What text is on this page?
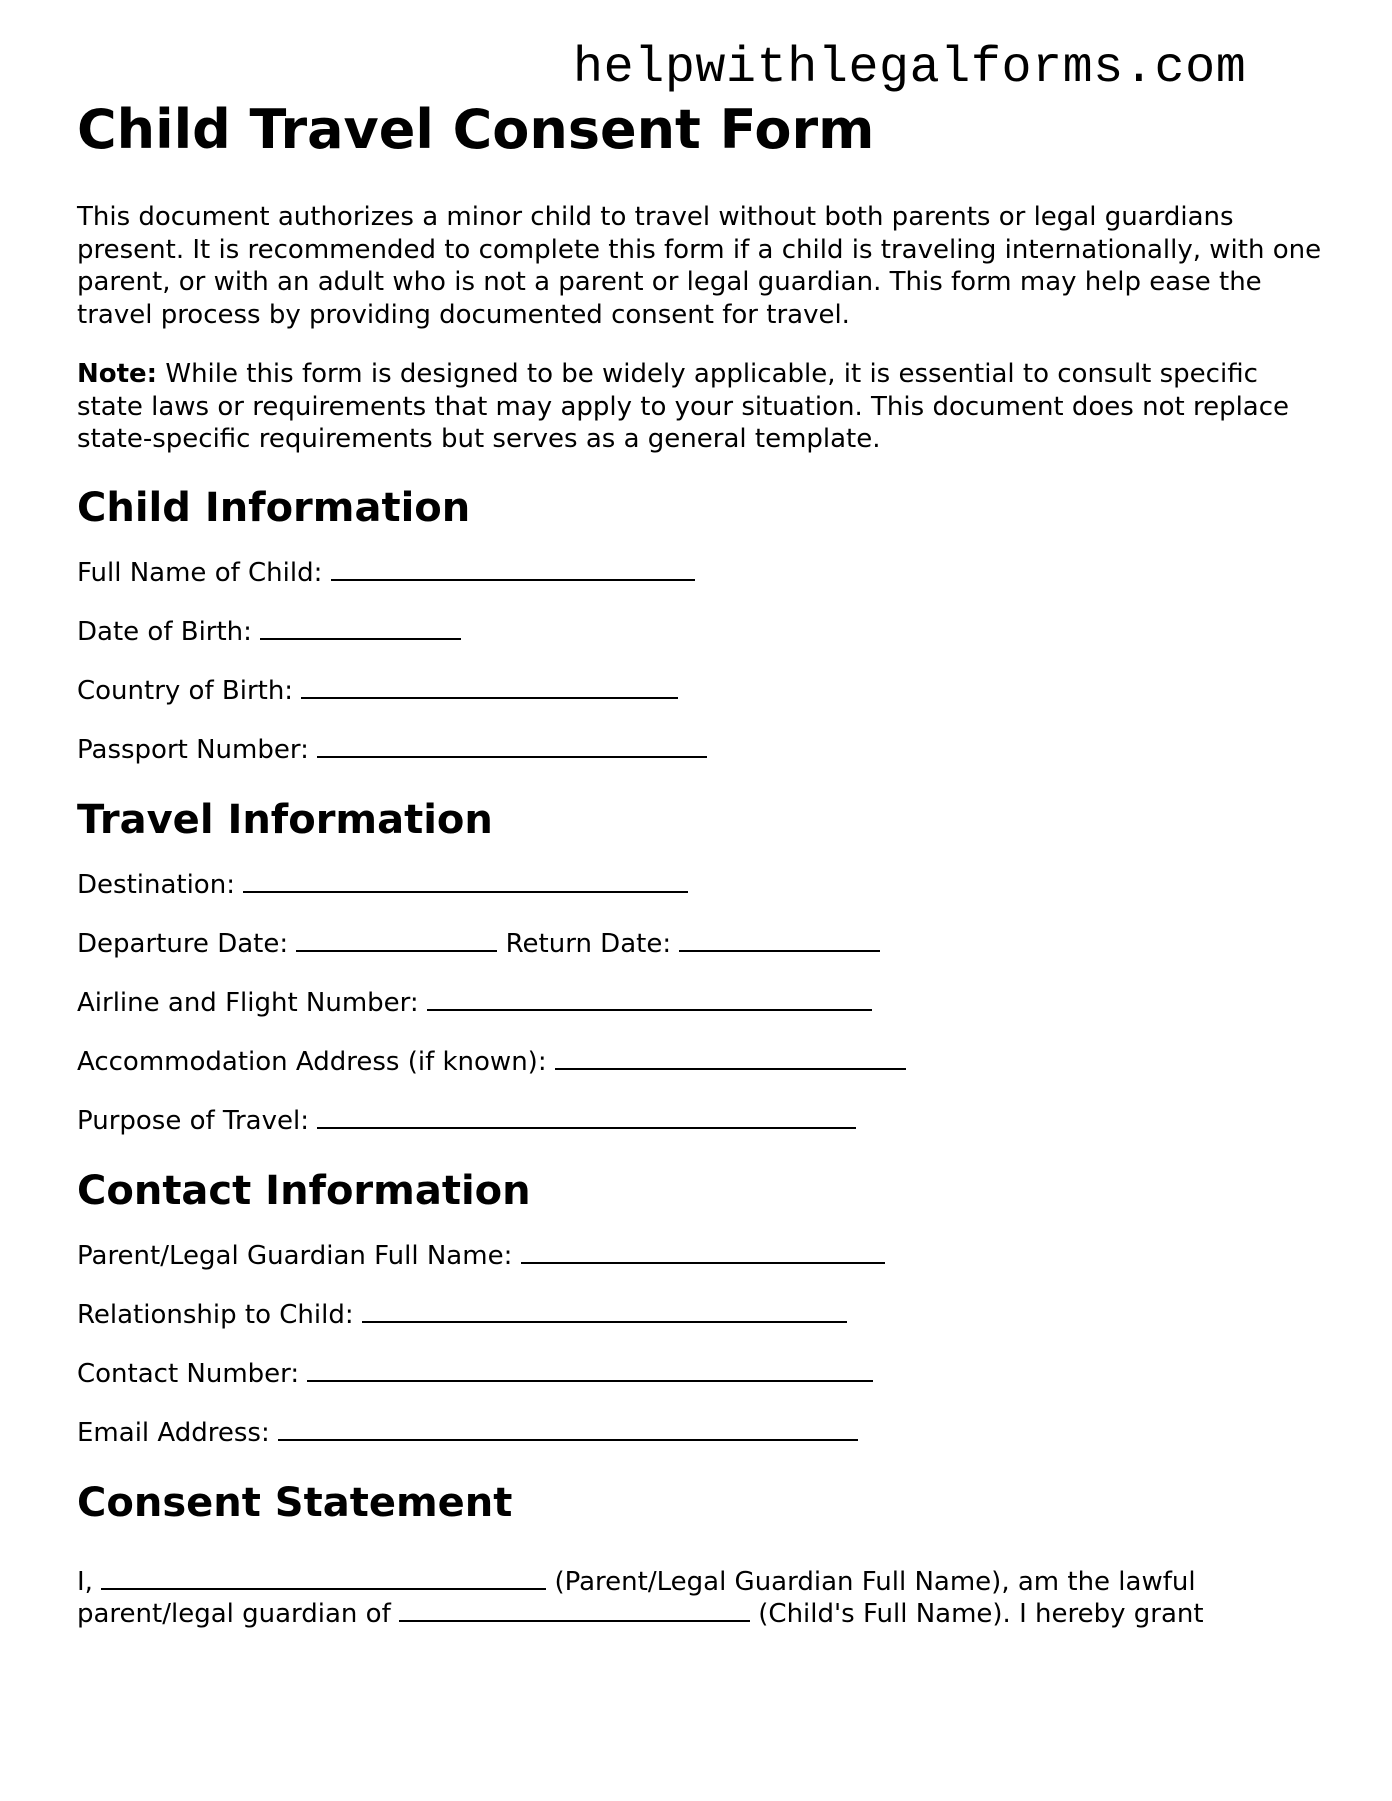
helpwithlegalforms.com
Child Travel Consent Form

This document authorizes a minor child to travel without both parents or legal guardians present. It is recommended to complete this form if a child is traveling internationally, with one parent, or with an adult who is not a parent or legal guardian. This form may help ease the travel process by providing documented consent for travel.

Note: While this form is designed to be widely applicable, it is essential to consult specific state laws or requirements that may apply to your situation. This document does not replace state-specific requirements but serves as a general template.

Child Information
Full Name of Child:
Date of Birth:
Country of Birth:
Passport Number:
Travel Information
Destination:
Departure Date:	Return Date:
Airline and Flight Number:
Accommodation Address (if known):
Purpose of Travel:
Contact Information
Parent/Legal Guardian Full Name:
Relationship to Child:
Contact Number:
Email Address:
Consent Statement

I,	(Parent/Legal Guardian Full Name), am the lawful
parent/legal guardian of	(Child's Full Name). I hereby grant
